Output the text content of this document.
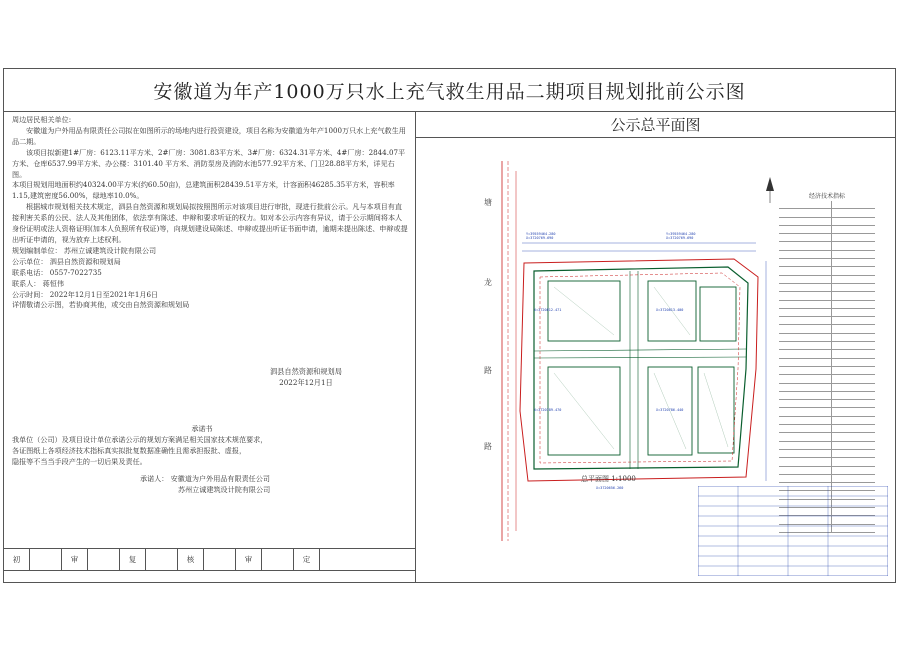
安徽道为年产1000万只水上充气救生用品二期项目规划批前公示图

周边居民相关单位:

安徽道为户外用品有限责任公司拟在如图所示的场地内进行投资建设，项目名称为安徽道为年产1000万只水上充气救生用品二期。

该项目拟新建1#厂房：6123.11平方米、2#厂房：3081.83平方米、3#厂房：6324.31平方米、4#厂房：2844.07平方米、仓库6537.99平方米、办公楼：3101.40 平方米、消防泵房及消防水池577.92平方米、门卫28.88平方米，详见右图。

本项目规划用地面积约40324.00平方米(约60.50亩)，总建筑面积28439.51平方米，计容面积46285.35平方米，容积率1.15,建筑密度56.00%，绿地率10.0%。

根据城市规划相关技术规定，泗县自然资源和规划局拟按照图所示对该项目进行审批，现进行批前公示。凡与本项目有直接利害关系的公民、法人及其他团体，依法享有陈述、申辩和要求听证的权力。如对本公示内容有异议，请于公示期间将本人身份证明或法人资格证明(加本人负照所有权证)等，向规划建设局陈述、申辩或提出听证书面申请，逾期未提出陈述、申辩或提出听证申请的，视为放弃上述权利。

规划编制单位： 苏州立诚建筑设计院有限公司

公示单位： 泗县自然资源和规划局

联系电话： 0557-7022735

联系人： 蒋恒伟

公示时间： 2022年12月1日至2021年1月6日

详情敬请公示图，若协商其他，或交由自然资源和规划局

泗县自然资源和规划局
2022年12月1日

承诺书

我单位（公司）及项目设计单位承诺公示的规划方案满足相关国家技术规范要求，

各证图纸上各项经济技术指标真实拟批复数据准确性且需承担报批、虚报，

隐报等不当当手段产生的一切后果及责任。

承诺人： 安徽道为户外用品有限责任公司

苏州立诚建筑设计院有限公司

初	审	复	核	审	定
公示总平面图
塘
龙
路
路
X=3720769.690
Y=39559464.280
X=3720769.690
Y=39559464.280
X=3720812.471	X=3720813.400
X=3720789.470	X=3720786.440
X=3720656.260
总平面图 1:1000
经济技术指标
